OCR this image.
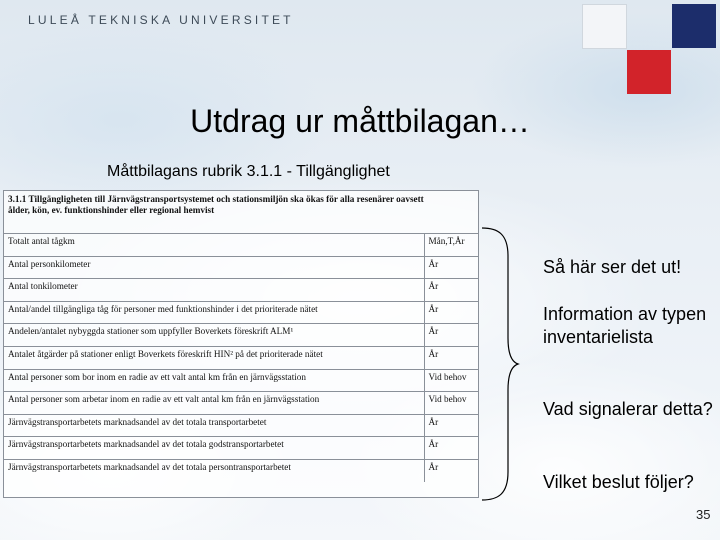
LULEÅ TEKNISKA UNIVERSITET
Utdrag ur måttbilagan…
Måttbilagans rubrik 3.1.1 - Tillgänglighet
3.1.1 Tillgängligheten till Järnvägstransportsystemet och stationsmiljön ska ökas för alla resenärer oavsett
ålder, kön, ev. funktionshinder eller regional hemvist
Totalt antal tågkm	Mån,T,År
Antal personkilometer	År
Antal tonkilometer	År
Antal/andel tillgängliga tåg för personer med funktionshinder i det prioriterade nätet	År
Andelen/antalet nybyggda stationer som uppfyller Boverkets föreskrift ALM¹	År
Antalet åtgärder på stationer enligt Boverkets föreskrift HIN² på det prioriterade nätet	År
Antal personer som bor inom en radie av ett valt antal km från en järnvägsstation	Vid behov
Antal personer som arbetar inom en radie av ett valt antal km från en järnvägsstation	Vid behov
Järnvägstransportarbetets marknadsandel av det totala transportarbetet	År
Järnvägstransportarbetets marknadsandel av det totala godstransportarbetet	År
Järnvägstransportarbetets marknadsandel av det totala persontransportarbetet	År
Så här ser det ut!
Information av typen inventarielista
Vad signalerar detta?
Vilket beslut följer?
35
